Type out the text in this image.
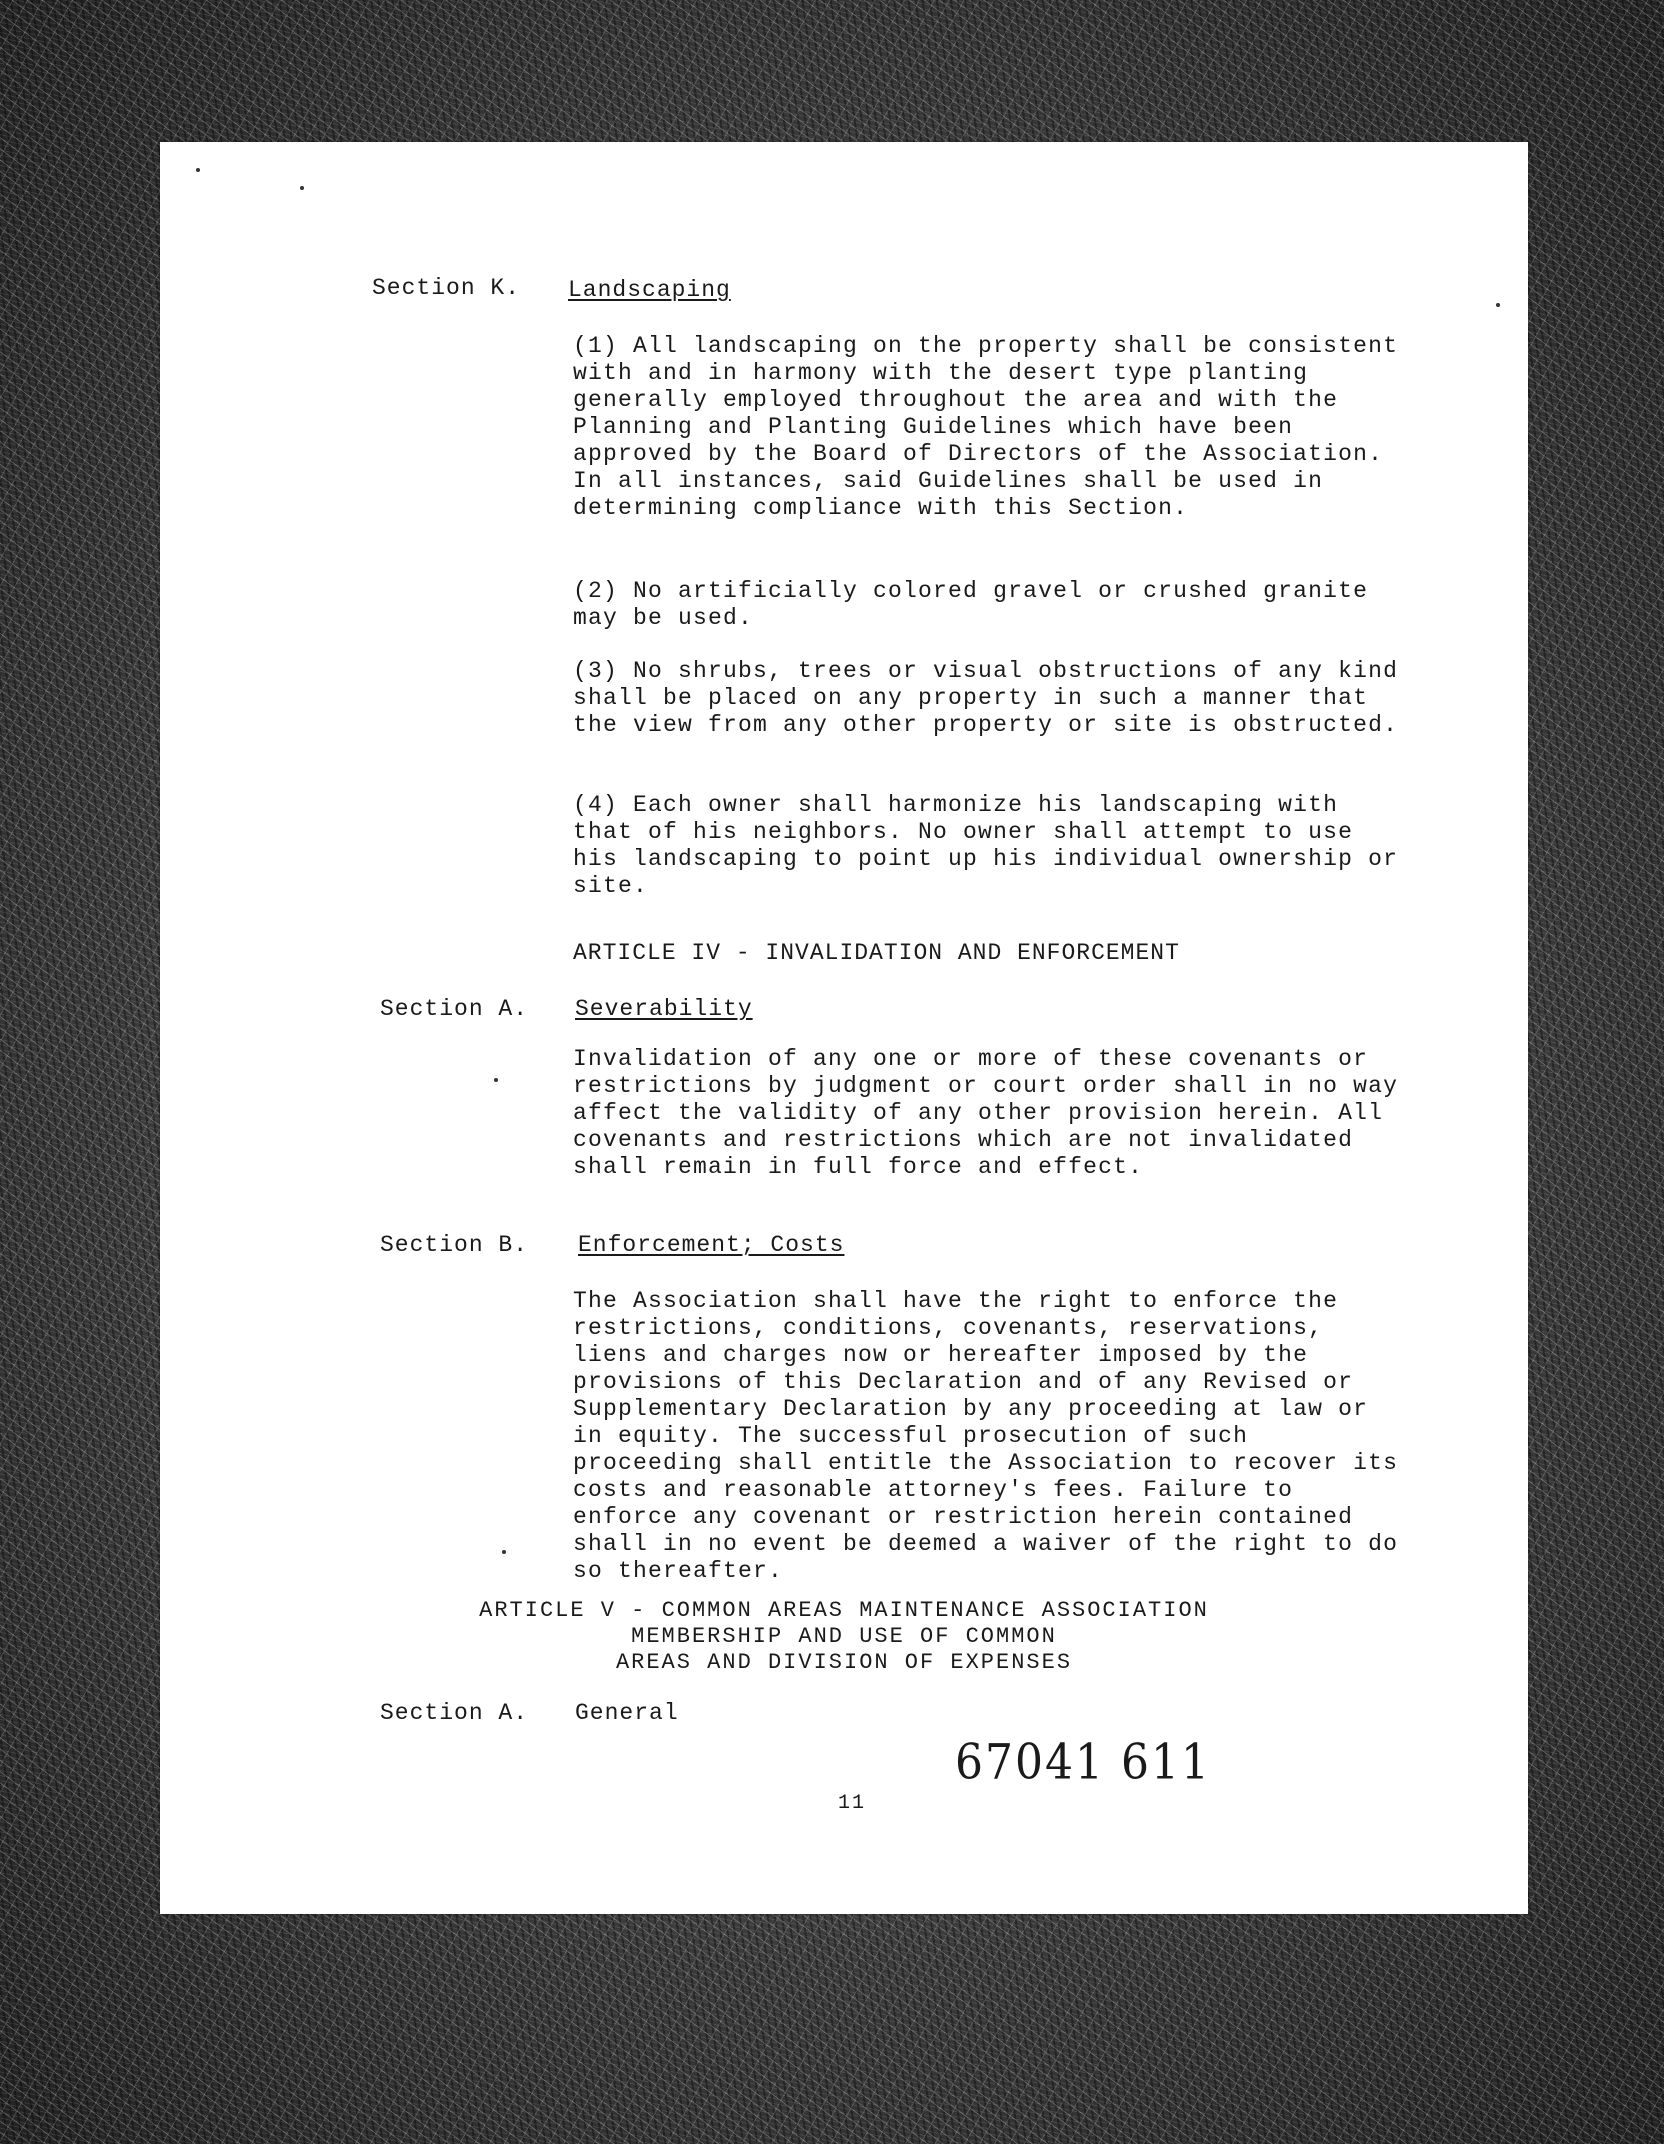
Section K. Landscaping

(1) All landscaping on the property shall be consistent with and in harmony with the desert type planting generally employed throughout the area and with the Planning and Planting Guidelines which have been approved by the Board of Directors of the Association. In all instances, said Guidelines shall be used in determining compliance with this Section.

(2) No artificially colored gravel or crushed granite may be used.

(3) No shrubs, trees or visual obstructions of any kind shall be placed on any property in such a manner that the view from any other property or site is obstructed.

(4) Each owner shall harmonize his landscaping with that of his neighbors. No owner shall attempt to use his landscaping to point up his individual ownership or site.

ARTICLE IV - INVALIDATION AND ENFORCEMENT
Section A. Severability

Invalidation of any one or more of these covenants or restrictions by judgment or court order shall in no way affect the validity of any other provision herein. All covenants and restrictions which are not invalidated shall remain in full force and effect.

Section B. Enforcement; Costs

The Association shall have the right to enforce the restrictions, conditions, covenants, reservations, liens and charges now or hereafter imposed by the provisions of this Declaration and of any Revised or Supplementary Declaration by any proceeding at law or in equity. The successful prosecution of such proceeding shall entitle the Association to recover its costs and reasonable attorney's fees. Failure to enforce any covenant or restriction herein contained shall in no event be deemed a waiver of the right to do so thereafter.

ARTICLE V - COMMON AREAS MAINTENANCE ASSOCIATION
MEMBERSHIP AND USE OF COMMON
AREAS AND DIVISION OF EXPENSES
Section A. General
67041 611
11
